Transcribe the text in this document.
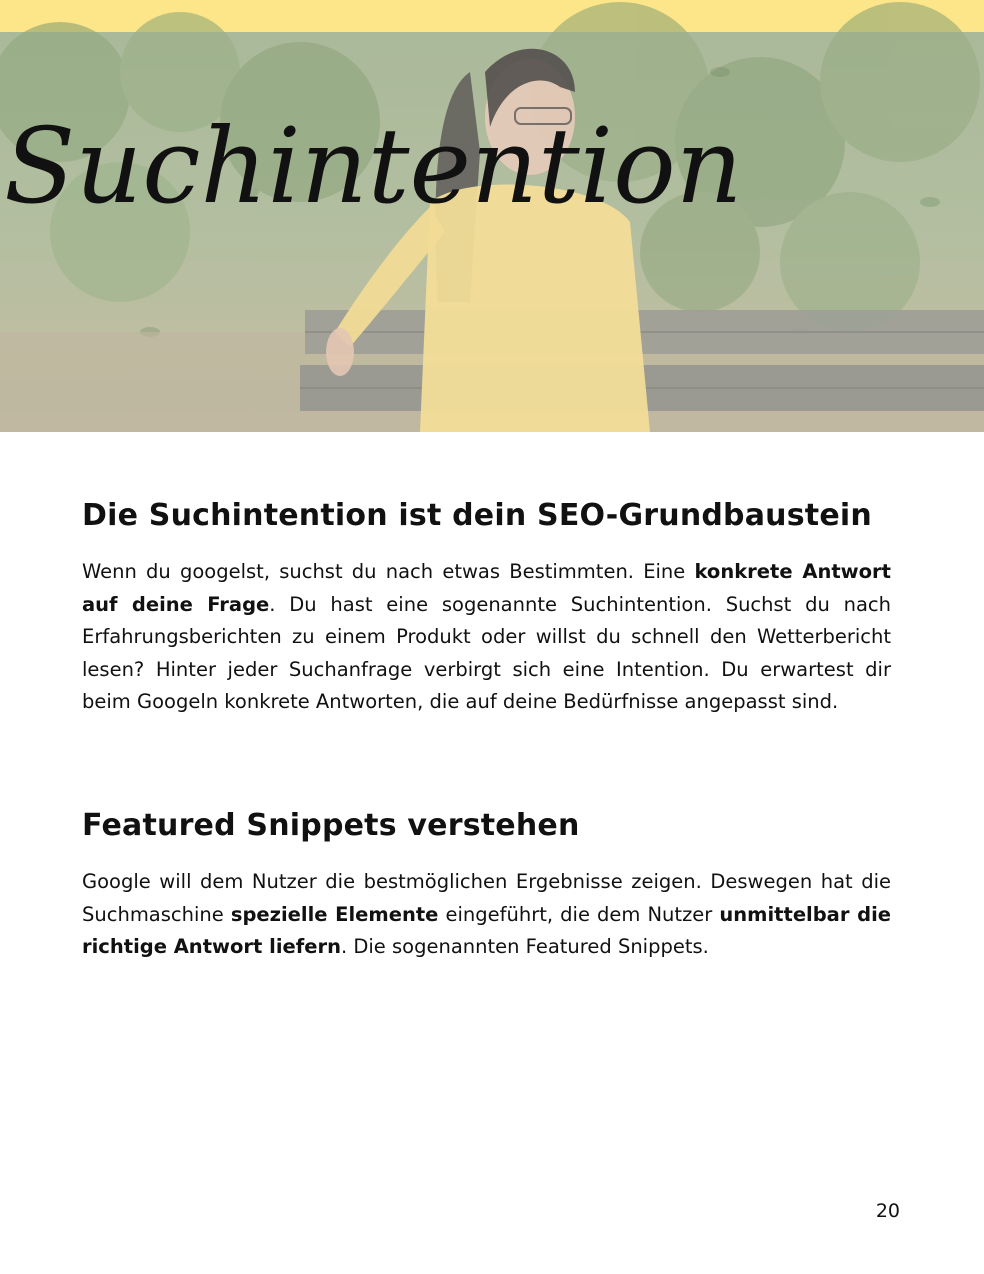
Suchintention
Die Suchintention ist dein SEO-Grundbaustein

Wenn du googelst, suchst du nach etwas Bestimmten. Eine konkrete Antwort auf deine Frage. Du hast eine sogenannte Suchintention. Suchst du nach Erfahrungsberichten zu einem Produkt oder willst du schnell den Wetterbericht lesen? Hinter jeder Suchanfrage verbirgt sich eine Intention. Du erwartest dir beim Googeln konkrete Antworten, die auf deine Bedürfnisse angepasst sind.

Featured Snippets verstehen

Google will dem Nutzer die bestmöglichen Ergebnisse zeigen. Deswegen hat die Suchmaschine spezielle Elemente eingeführt, die dem Nutzer unmittelbar die richtige Antwort liefern. Die sogenannten Featured Snippets.

20
